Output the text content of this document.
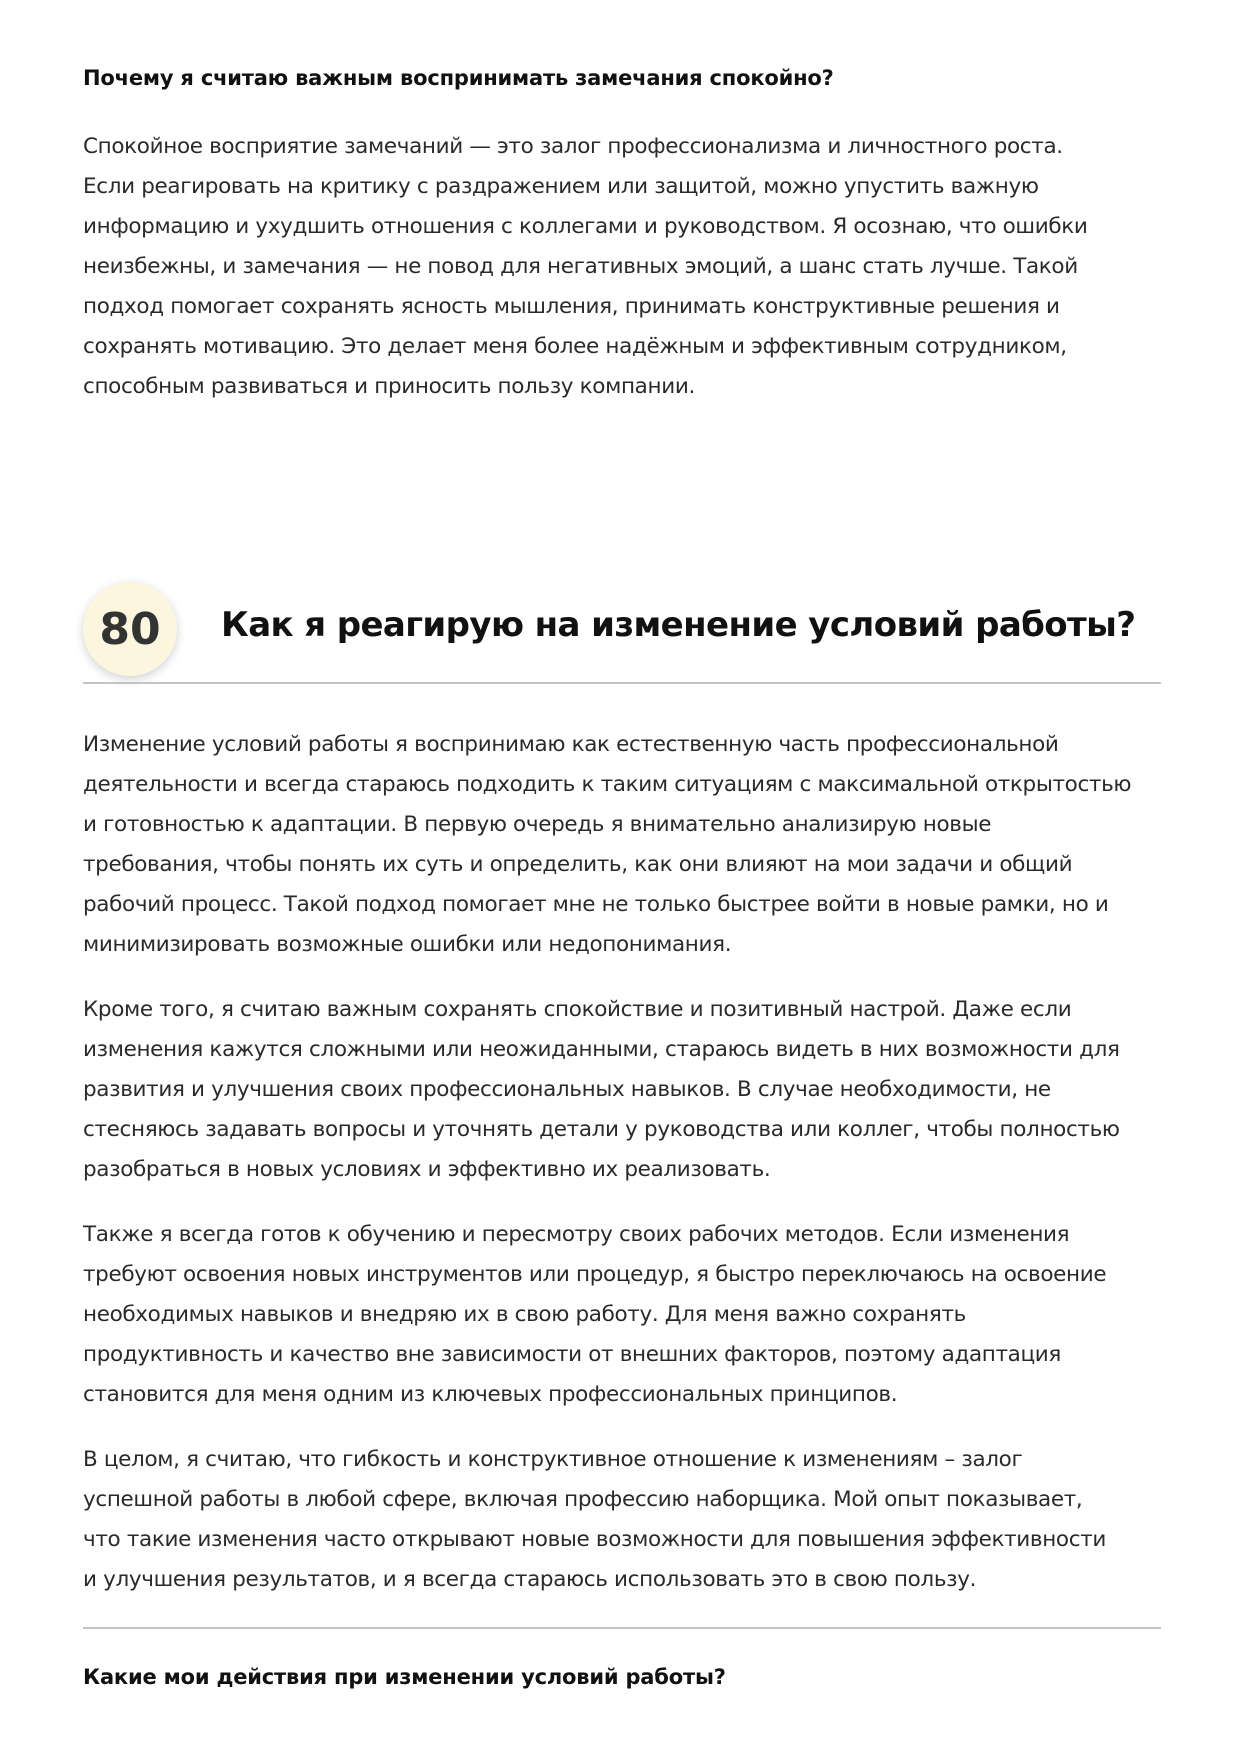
Почему я считаю важным воспринимать замечания спокойно?
Спокойное восприятие замечаний — это залог профессионализма и личностного роста.
Если реагировать на критику с раздражением или защитой, можно упустить важную
информацию и ухудшить отношения с коллегами и руководством. Я осознаю, что ошибки
неизбежны, и замечания — не повод для негативных эмоций, а шанс стать лучше. Такой
подход помогает сохранять ясность мышления, принимать конструктивные решения и
сохранять мотивацию. Это делает меня более надёжным и эффективным сотрудником,
способным развиваться и приносить пользу компании.
80	Как я реагирую на изменение условий работы?
Изменение условий работы я воспринимаю как естественную часть профессиональной
деятельности и всегда стараюсь подходить к таким ситуациям с максимальной открытостью
и готовностью к адаптации. В первую очередь я внимательно анализирую новые
требования, чтобы понять их суть и определить, как они влияют на мои задачи и общий
рабочий процесс. Такой подход помогает мне не только быстрее войти в новые рамки, но и
минимизировать возможные ошибки или недопонимания.
Кроме того, я считаю важным сохранять спокойствие и позитивный настрой. Даже если
изменения кажутся сложными или неожиданными, стараюсь видеть в них возможности для
развития и улучшения своих профессиональных навыков. В случае необходимости, не
стесняюсь задавать вопросы и уточнять детали у руководства или коллег, чтобы полностью
разобраться в новых условиях и эффективно их реализовать.
Также я всегда готов к обучению и пересмотру своих рабочих методов. Если изменения
требуют освоения новых инструментов или процедур, я быстро переключаюсь на освоение
необходимых навыков и внедряю их в свою работу. Для меня важно сохранять
продуктивность и качество вне зависимости от внешних факторов, поэтому адаптация
становится для меня одним из ключевых профессиональных принципов.
В целом, я считаю, что гибкость и конструктивное отношение к изменениям – залог
успешной работы в любой сфере, включая профессию наборщика. Мой опыт показывает,
что такие изменения часто открывают новые возможности для повышения эффективности
и улучшения результатов, и я всегда стараюсь использовать это в свою пользу.
Какие мои действия при изменении условий работы?
